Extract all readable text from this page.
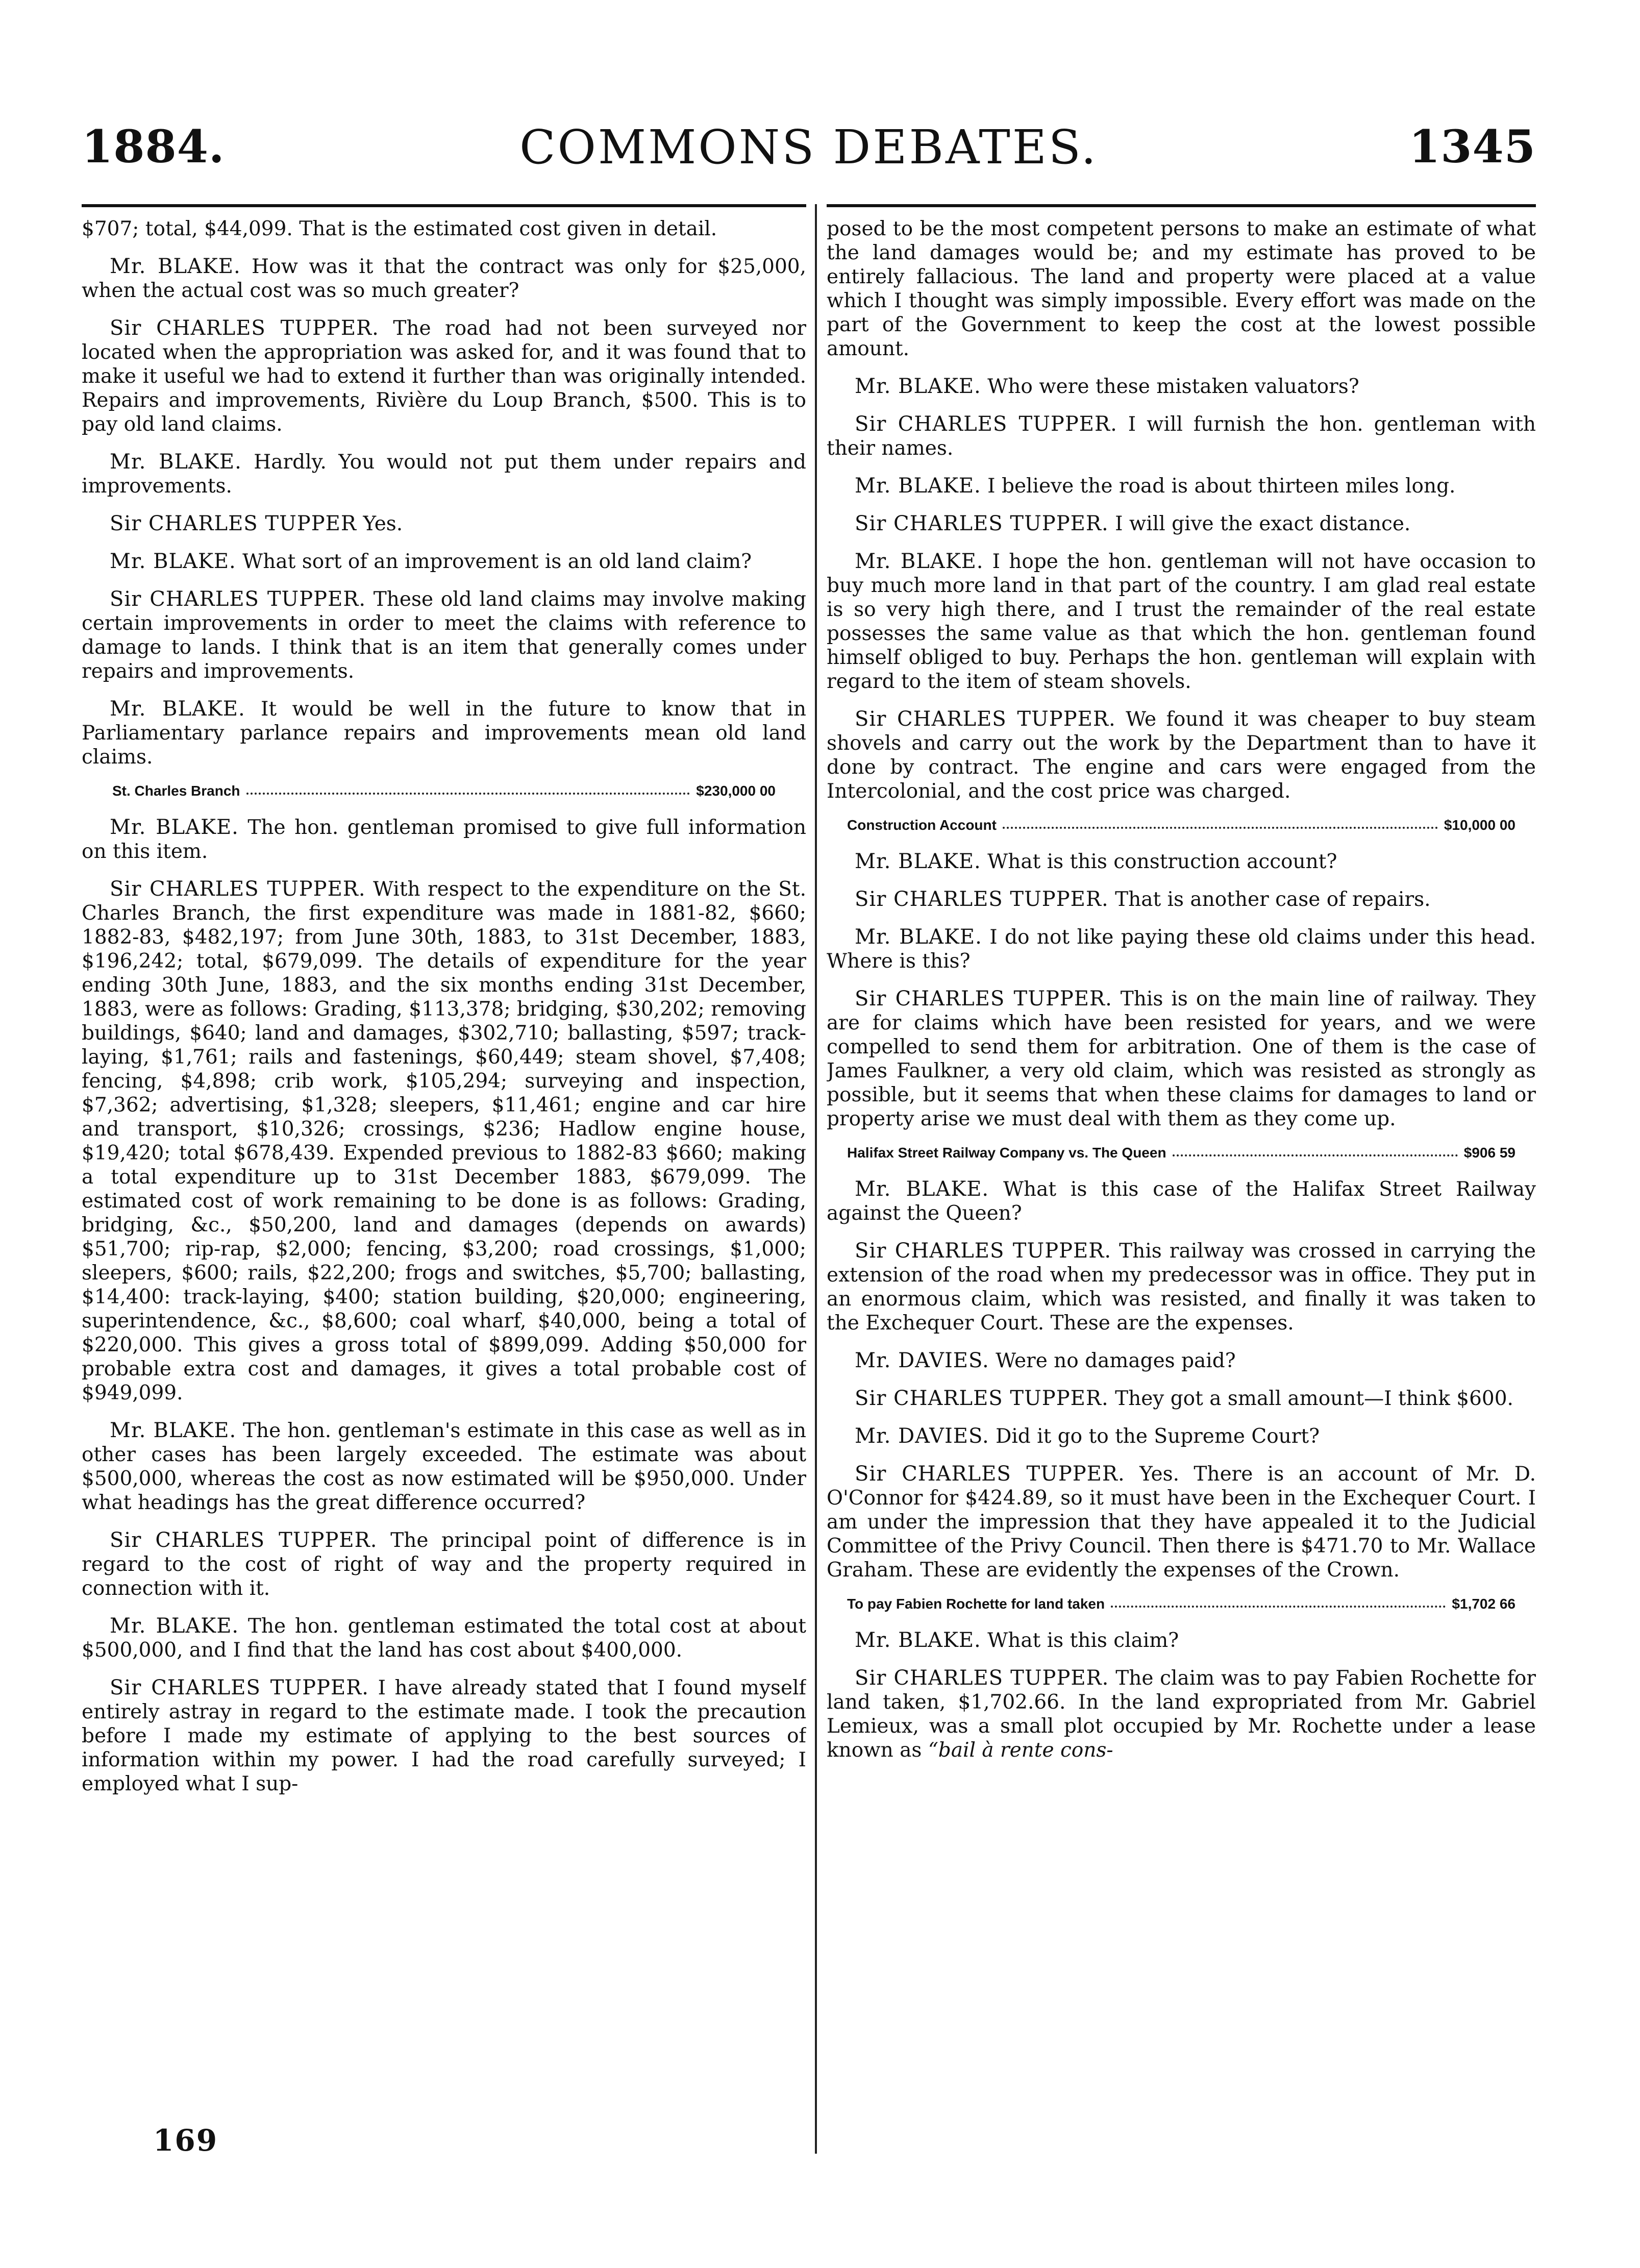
1884.	COMMONS DEBATES.	1345

$707; total, $44,099. That is the estimated cost given in detail.

Mr. BLAKE. How was it that the contract was only for $25,000, when the actual cost was so much greater?

Sir CHARLES TUPPER. The road had not been surveyed nor located when the appropriation was asked for, and it was found that to make it useful we had to extend it further than was originally intended. Repairs and improvements, Rivière du Loup Branch, $500. This is to pay old land claims.

Mr. BLAKE. Hardly. You would not put them under repairs and improvements.

Sir CHARLES TUPPER Yes.

Mr. BLAKE. What sort of an improvement is an old land claim?

Sir CHARLES TUPPER. These old land claims may involve making certain improvements in order to meet the claims with reference to damage to lands. I think that is an item that generally comes under repairs and improvements.

Mr. BLAKE. It would be well in the future to know that in Parliamentary parlance repairs and improvements mean old land claims.

St. Charles Branch	$230,000 00

Mr. BLAKE. The hon. gentleman promised to give full information on this item.

Sir CHARLES TUPPER. With respect to the expenditure on the St. Charles Branch, the first expenditure was made in 1881-82, $660; 1882-83, $482,197; from June 30th, 1883, to 31st December, 1883, $196,242; total, $679,099. The details of expenditure for the year ending 30th June, 1883, and the six months ending 31st December, 1883, were as follows: Grading, $113,378; bridging, $30,202; removing buildings, $640; land and damages, $302,710; ballasting, $597; track-laying, $1,761; rails and fastenings, $60,449; steam shovel, $7,408; fencing, $4,898; crib work, $105,294; surveying and inspection, $7,362; advertising, $1,328; sleepers, $11,461; engine and car hire and transport, $10,326; crossings, $236; Hadlow engine house, $19,420; total $678,439. Expended previous to 1882-83 $660; making a total expenditure up to 31st December 1883, $679,099. The estimated cost of work remaining to be done is as follows: Grading, bridging, &c., $50,200, land and damages (depends on awards) $51,700; rip-rap, $2,000; fencing, $3,200; road crossings, $1,000; sleepers, $600; rails, $22,200; frogs and switches, $5,700; ballasting, $14,400: track-laying, $400; station building, $20,000; engineering, superintendence, &c., $8,600; coal wharf, $40,000, being a total of $220,000. This gives a gross total of $899,099. Adding $50,000 for probable extra cost and damages, it gives a total probable cost of $949,099.

Mr. BLAKE. The hon. gentleman's estimate in this case as well as in other cases has been largely exceeded. The estimate was about $500,000, whereas the cost as now estimated will be $950,000. Under what headings has the great difference occurred?

Sir CHARLES TUPPER. The principal point of difference is in regard to the cost of right of way and the property required in connection with it.

Mr. BLAKE. The hon. gentleman estimated the total cost at about $500,000, and I find that the land has cost about $400,000.

Sir CHARLES TUPPER. I have already stated that I found myself entirely astray in regard to the estimate made. I took the precaution before I made my estimate of applying to the best sources of information within my power. I had the road carefully surveyed; I employed what I sup-

posed to be the most competent persons to make an estimate of what the land damages would be; and my estimate has proved to be entirely fallacious. The land and property were placed at a value which I thought was simply impossible. Every effort was made on the part of the Government to keep the cost at the lowest possible amount.

Mr. BLAKE. Who were these mistaken valuators?

Sir CHARLES TUPPER. I will furnish the hon. gentleman with their names.

Mr. BLAKE. I believe the road is about thirteen miles long.

Sir CHARLES TUPPER. I will give the exact distance.

Mr. BLAKE. I hope the hon. gentleman will not have occasion to buy much more land in that part of the country. I am glad real estate is so very high there, and I trust the remainder of the real estate possesses the same value as that which the hon. gentleman found himself obliged to buy. Perhaps the hon. gentleman will explain with regard to the item of steam shovels.

Sir CHARLES TUPPER. We found it was cheaper to buy steam shovels and carry out the work by the Department than to have it done by contract. The engine and cars were engaged from the Intercolonial, and the cost price was charged.

Construction Account	$10,000 00

Mr. BLAKE. What is this construction account?

Sir CHARLES TUPPER. That is another case of repairs.

Mr. BLAKE. I do not like paying these old claims under this head. Where is this?

Sir CHARLES TUPPER. This is on the main line of railway. They are for claims which have been resisted for years, and we were compelled to send them for arbitration. One of them is the case of James Faulkner, a very old claim, which was resisted as strongly as possible, but it seems that when these claims for damages to land or property arise we must deal with them as they come up.

Halifax Street Railway Company vs. The Queen	$906 59

Mr. BLAKE. What is this case of the Halifax Street Railway against the Queen?

Sir CHARLES TUPPER. This railway was crossed in carrying the extension of the road when my predecessor was in office. They put in an enormous claim, which was resisted, and finally it was taken to the Exchequer Court. These are the expenses.

Mr. DAVIES. Were no damages paid?

Sir CHARLES TUPPER. They got a small amount—I think $600.

Mr. DAVIES. Did it go to the Supreme Court?

Sir CHARLES TUPPER. Yes. There is an account of Mr. D. O'Connor for $424.89, so it must have been in the Exchequer Court. I am under the impression that they have appealed it to the Judicial Committee of the Privy Council. Then there is $471.70 to Mr. Wallace Graham. These are evidently the expenses of the Crown.

To pay Fabien Rochette for land taken	$1,702 66

Mr. BLAKE. What is this claim?

Sir CHARLES TUPPER. The claim was to pay Fabien Rochette for land taken, $1,702.66. In the land expropriated from Mr. Gabriel Lemieux, was a small plot occupied by Mr. Rochette under a lease known as “bail à rente cons-

169
